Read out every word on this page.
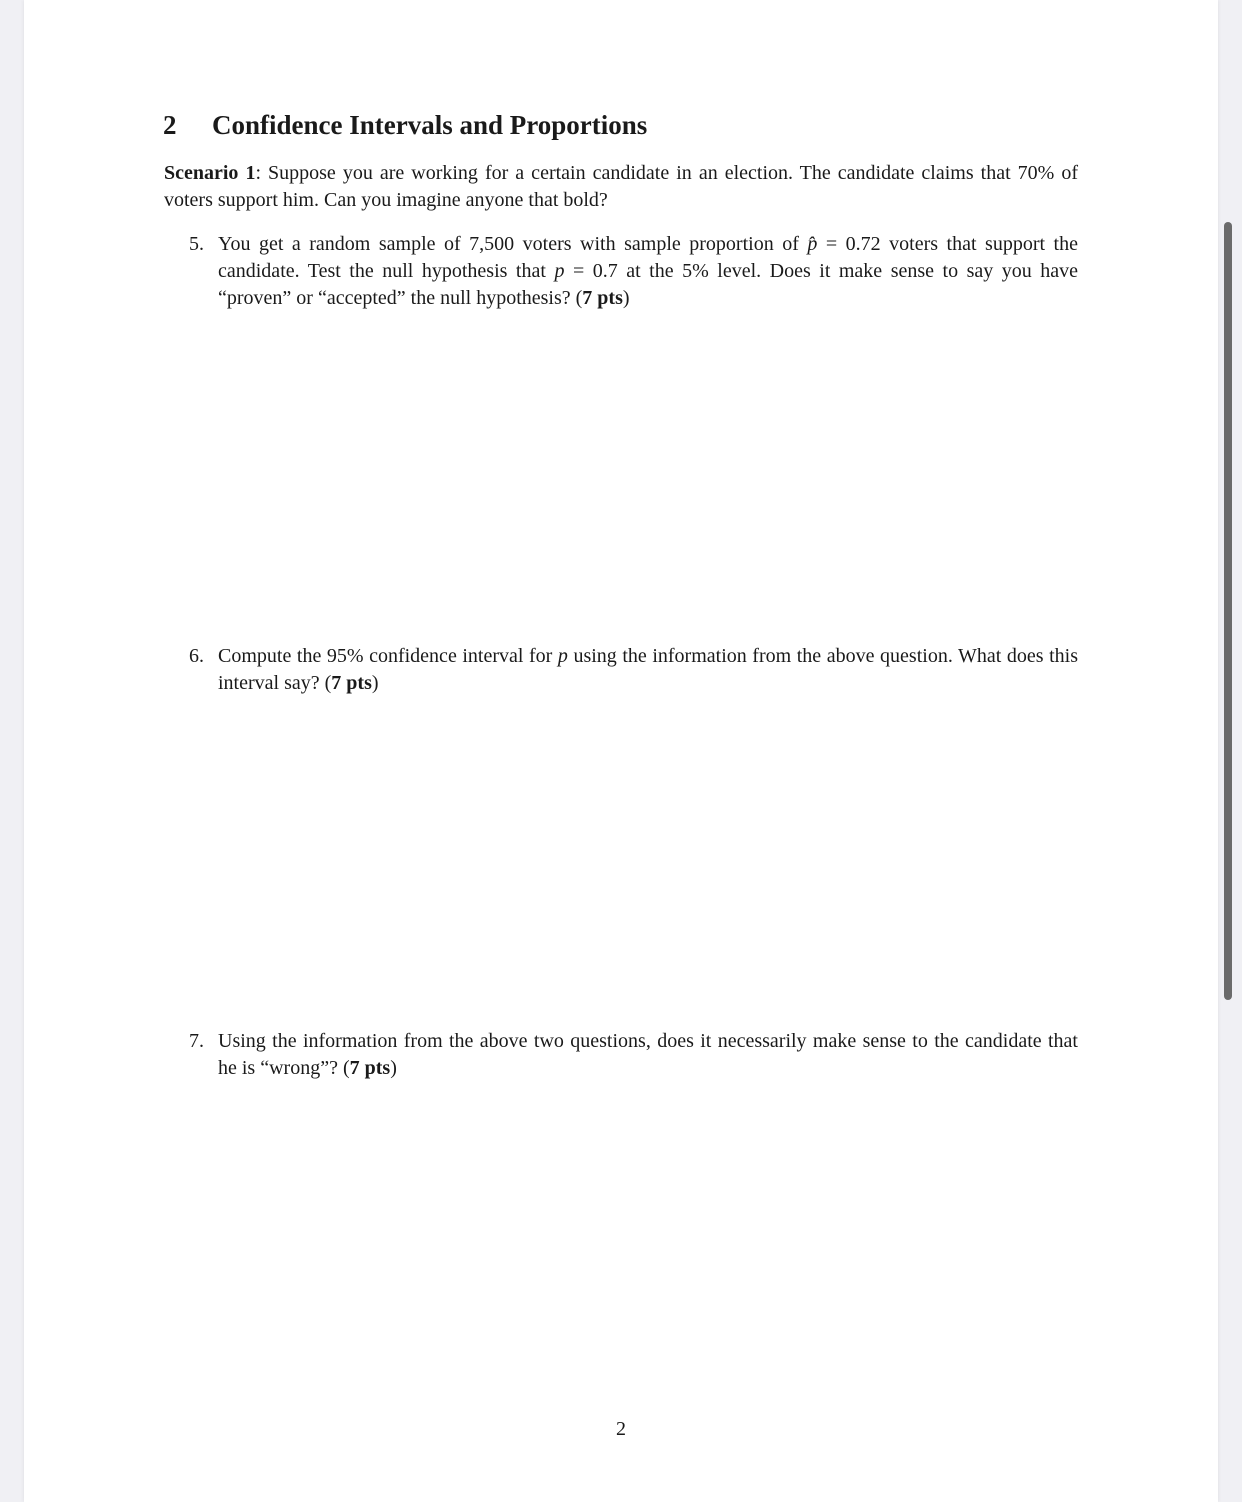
2 Confidence Intervals and Proportions
Scenario 1: Suppose you are working for a certain candidate in an election. The candidate claims that 70% of voters support him. Can you imagine anyone that bold?
5. You get a random sample of 7,500 voters with sample proportion of p̂ = 0.72 voters that support the candidate. Test the null hypothesis that p = 0.7 at the 5% level. Does it make sense to say you have “proven” or “accepted” the null hypothesis? (7 pts)
6. Compute the 95% confidence interval for p using the information from the above question. What does this interval say? (7 pts)
7. Using the information from the above two questions, does it necessarily make sense to the candidate that he is “wrong”? (7 pts)
2
